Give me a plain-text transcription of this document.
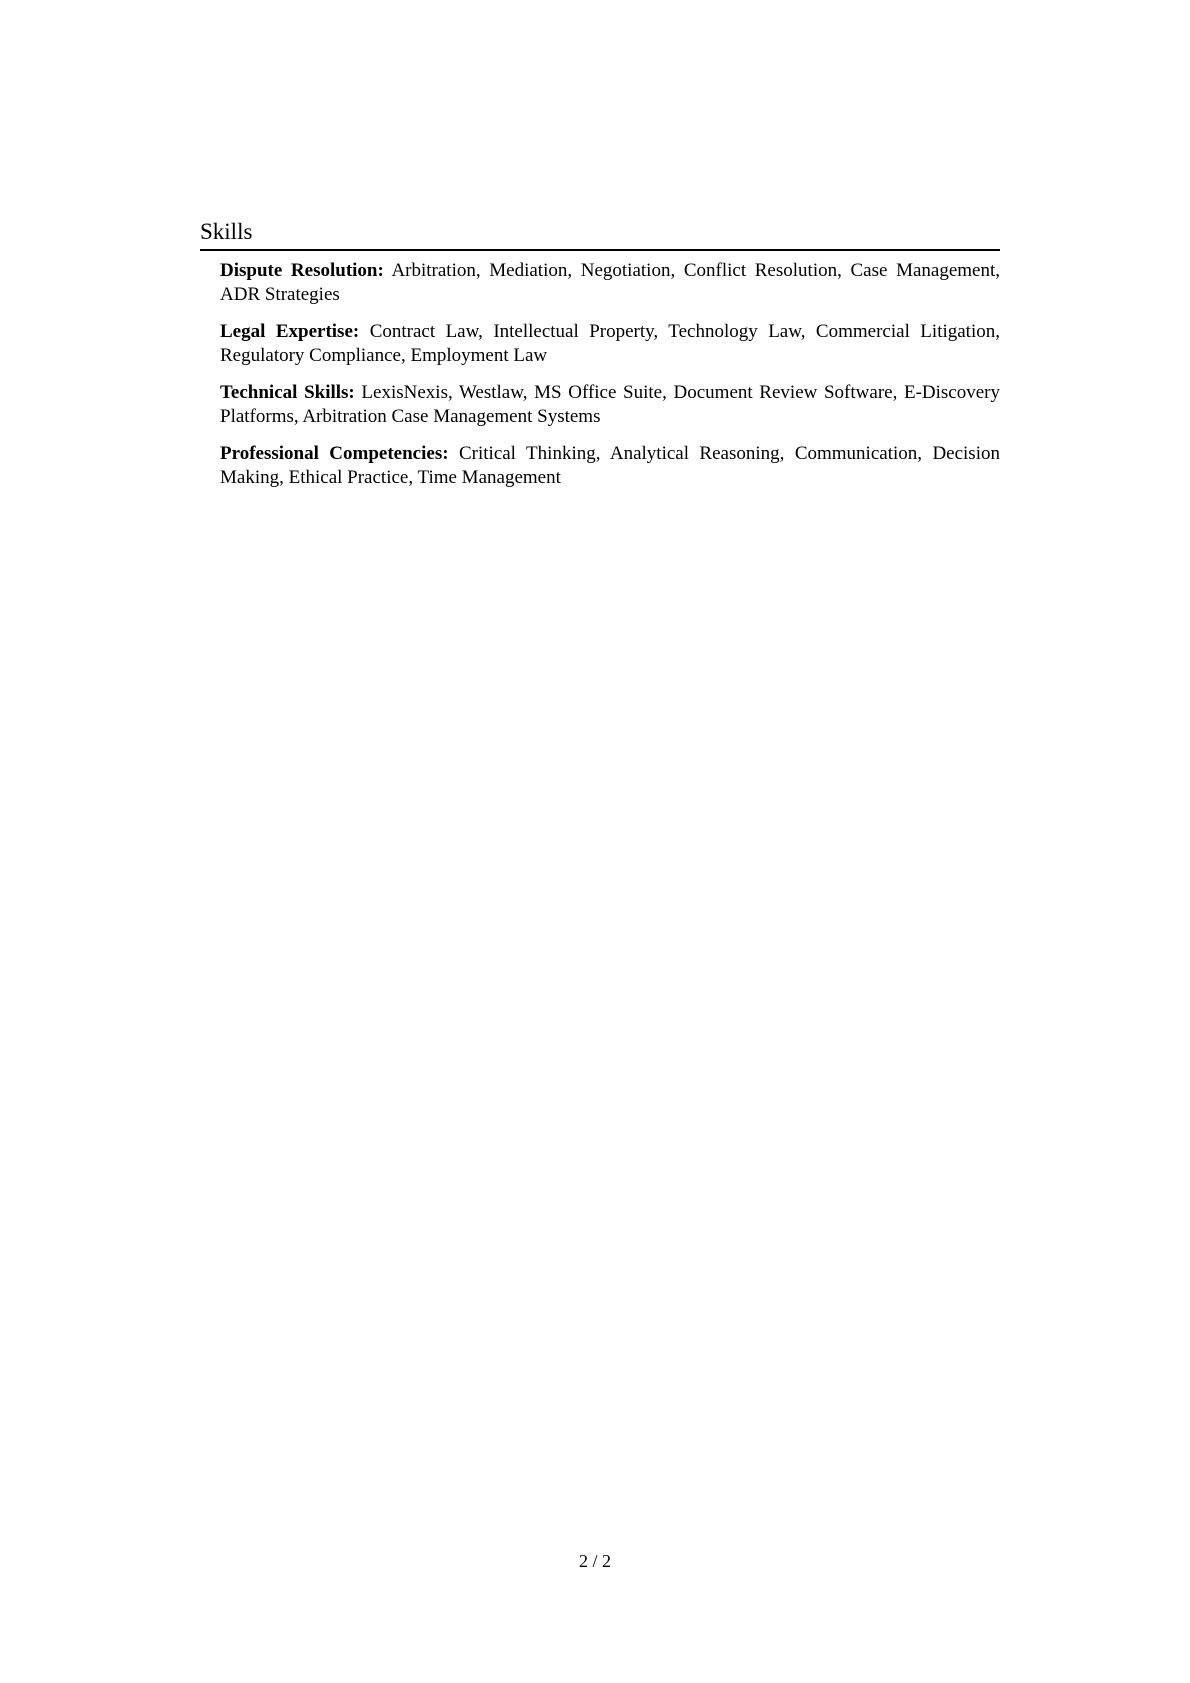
Skills
Dispute Resolution: Arbitration, Mediation, Negotiation, Conflict Resolution, Case Management, ADR Strategies
Legal Expertise: Contract Law, Intellectual Property, Technology Law, Commercial Litigation, Regulatory Compliance, Employment Law
Technical Skills: LexisNexis, Westlaw, MS Office Suite, Document Review Software, E-Discovery Platforms, Arbitration Case Management Systems
Professional Competencies: Critical Thinking, Analytical Reasoning, Communication, Decision Making, Ethical Practice, Time Management
2 / 2
